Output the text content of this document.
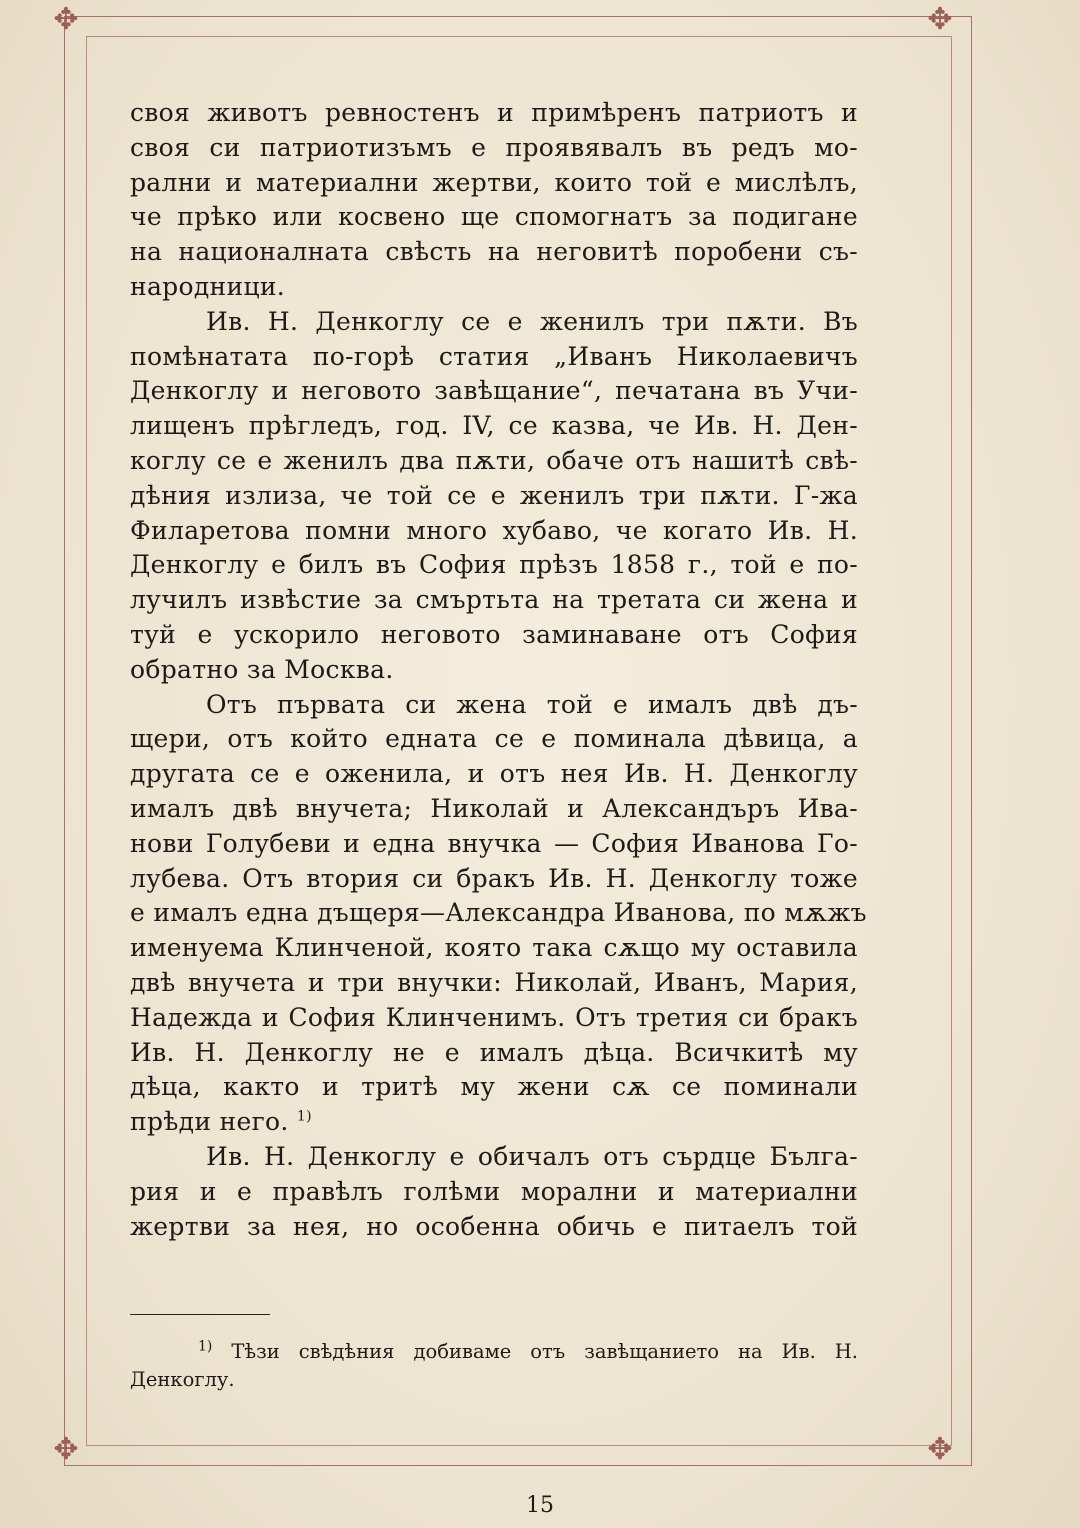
✥	✥
✥	✥
своя животъ ревностенъ и примѣренъ патриотъ и
своя си патриотизъмъ е проявявалъ въ редъ мо-
рални и материални жертви, които той е мислѣлъ,
че прѣко или косвено ще спомогнатъ за подигане
на националната свѣсть на неговитѣ поробени съ-
народници.
Ив. Н. Денкоглу се е женилъ три пѫти. Въ
помѣнатата по-горѣ статия „Иванъ Николаевичъ
Денкоглу и неговото завѣщание“, печатана въ Учи-
лищенъ прѣгледъ, год. IV, се казва, че Ив. Н. Ден-
коглу се е женилъ два пѫти, обаче отъ нашитѣ свѣ-
дѣния излиза, че той се е женилъ три пѫти. Г-жа
Филаретова помни много хубаво, че когато Ив. Н.
Денкоглу е билъ въ София прѣзъ 1858 г., той е по-
лучилъ извѣстие за смъртьта на третата си жена и
туй е ускорило неговото заминаване отъ София
обратно за Москва.
Отъ първата си жена той е ималъ двѣ дъ-
щери, отъ който едната се е поминала дѣвица, а
другата се е оженила, и отъ нея Ив. Н. Денкоглу
ималъ двѣ внучета; Николай и Александъръ Ива-
нови Голубеви и една внучка — София Иванова Го-
лубева. Отъ втория си бракъ Ив. Н. Денкоглу тоже
е ималъ една дъщеря—Александра Иванова, по мѫжъ
именуема Клинченой, която така сѫщо му оставила
двѣ внучета и три внучки: Николай, Иванъ, Мария,
Надежда и София Клинченимъ. Отъ третия си бракъ
Ив. Н. Денкоглу не е ималъ дѣца. Всичкитѣ му
дѣца, както и тритѣ му жени сѫ се поминали
прѣди него. $^{1)}$
Ив. Н. Денкоглу е обичалъ отъ сърдце Бълга-
рия и е правѣлъ голѣми морални и материални
жертви за нея, но особенна обичь е питаелъ той
$^{1)}$ Тѣзи свѣдѣния добиваме отъ завѣщанието на Ив. Н.
Денкоглу.
15
